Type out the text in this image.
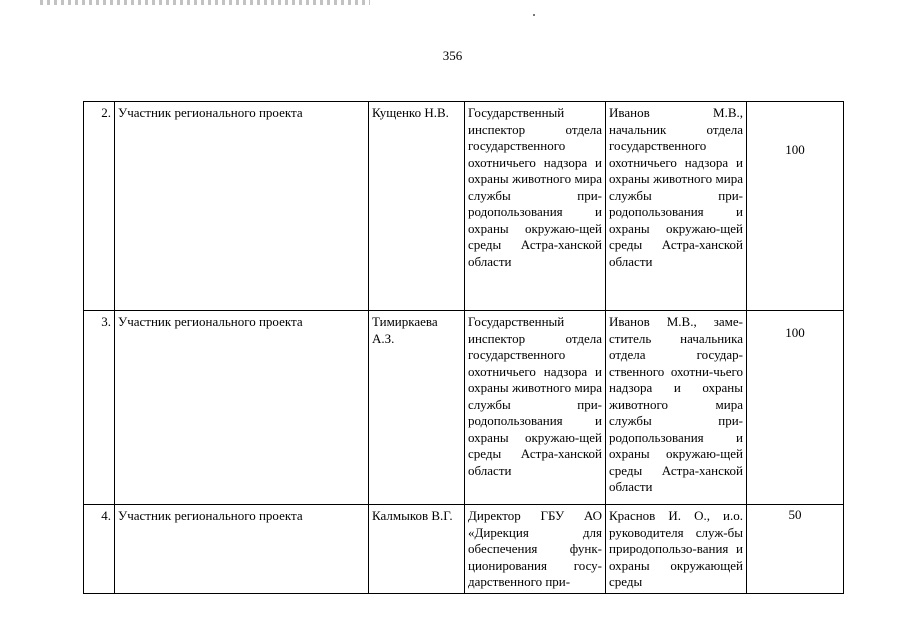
356
2.	Участник регионального проекта	Кущенко Н.В.	Государственный инспектор отдела государственного охотничьего надзора и охраны животного мира службы при-родопользования и охраны окружаю-щей среды Астра-ханской области	Иванов М.В., начальник отдела государственного охотничьего надзора и охраны животного мира службы при-родопользования и охраны окружаю-щей среды Астра-ханской области	100
3.	Участник регионального проекта	Тимиркаева А.З.	Государственный инспектор отдела государственного охотничьего надзора и охраны животного мира службы при-родопользования и охраны окружаю-щей среды Астра-ханской области	Иванов М.В., заме-ститель начальника отдела государ-ственного охотни-чьего надзора и охраны животного мира службы при-родопользования и охраны окружаю-щей среды Астра-ханской области	100
4.	Участник регионального проекта	Калмыков В.Г.	Директор ГБУ АО «Дирекция для обеспечения функ-ционирования госу-дарственного при-	Краснов И. О., и.о. руководителя служ-бы природопользо-вания и охраны окружающей среды	50
